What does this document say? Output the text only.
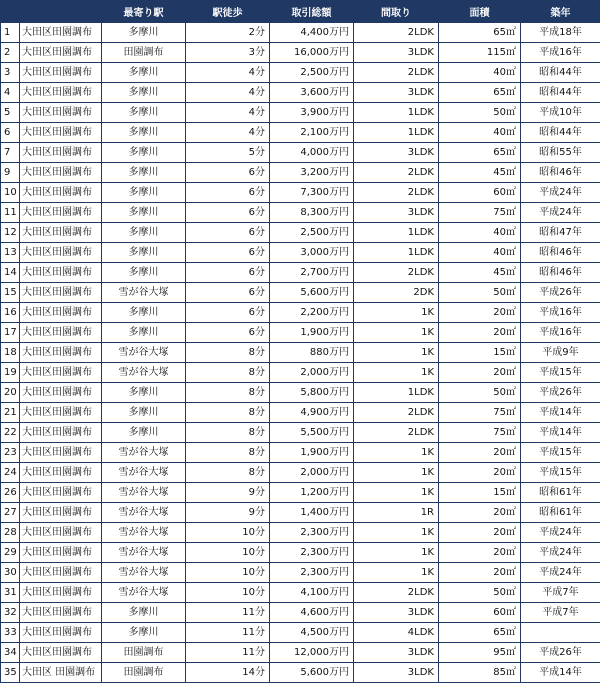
		最寄り駅	駅徒歩	取引総額	間取り	面積	築年
1	大田区田園調布	多摩川	2分	4,400万円	2LDK	65㎡	平成18年
2	大田区田園調布	田園調布	3分	16,000万円	3LDK	115㎡	平成16年
3	大田区田園調布	多摩川	4分	2,500万円	2LDK	40㎡	昭和44年
4	大田区田園調布	多摩川	4分	3,600万円	3LDK	65㎡	昭和44年
5	大田区田園調布	多摩川	4分	3,900万円	1LDK	50㎡	平成10年
6	大田区田園調布	多摩川	4分	2,100万円	1LDK	40㎡	昭和44年
7	大田区田園調布	多摩川	5分	4,000万円	3LDK	65㎡	昭和55年
9	大田区田園調布	多摩川	6分	3,200万円	2LDK	45㎡	昭和46年
10	大田区田園調布	多摩川	6分	7,300万円	2LDK	60㎡	平成24年
11	大田区田園調布	多摩川	6分	8,300万円	3LDK	75㎡	平成24年
12	大田区田園調布	多摩川	6分	2,500万円	1LDK	40㎡	昭和47年
13	大田区田園調布	多摩川	6分	3,000万円	1LDK	40㎡	昭和46年
14	大田区田園調布	多摩川	6分	2,700万円	2LDK	45㎡	昭和46年
15	大田区田園調布	雪が谷大塚	6分	5,600万円	2DK	50㎡	平成26年
16	大田区田園調布	多摩川	6分	2,200万円	1K	20㎡	平成16年
17	大田区田園調布	多摩川	6分	1,900万円	1K	20㎡	平成16年
18	大田区田園調布	雪が谷大塚	8分	880万円	1K	15㎡	平成9年
19	大田区田園調布	雪が谷大塚	8分	2,000万円	1K	20㎡	平成15年
20	大田区田園調布	多摩川	8分	5,800万円	1LDK	50㎡	平成26年
21	大田区田園調布	多摩川	8分	4,900万円	2LDK	75㎡	平成14年
22	大田区田園調布	多摩川	8分	5,500万円	2LDK	75㎡	平成14年
23	大田区田園調布	雪が谷大塚	8分	1,900万円	1K	20㎡	平成15年
24	大田区田園調布	雪が谷大塚	8分	2,000万円	1K	20㎡	平成15年
26	大田区田園調布	雪が谷大塚	9分	1,200万円	1K	15㎡	昭和61年
27	大田区田園調布	雪が谷大塚	9分	1,400万円	1R	20㎡	昭和61年
28	大田区田園調布	雪が谷大塚	10分	2,300万円	1K	20㎡	平成24年
29	大田区田園調布	雪が谷大塚	10分	2,300万円	1K	20㎡	平成24年
30	大田区田園調布	雪が谷大塚	10分	2,300万円	1K	20㎡	平成24年
31	大田区田園調布	雪が谷大塚	10分	4,100万円	2LDK	50㎡	平成7年
32	大田区田園調布	多摩川	11分	4,600万円	3LDK	60㎡	平成7年
33	大田区田園調布	多摩川	11分	4,500万円	4LDK	65㎡	
34	大田区田園調布	田園調布	11分	12,000万円	3LDK	95㎡	平成26年
35	大田区 田園調布	田園調布	14分	5,600万円	3LDK	85㎡	平成14年
